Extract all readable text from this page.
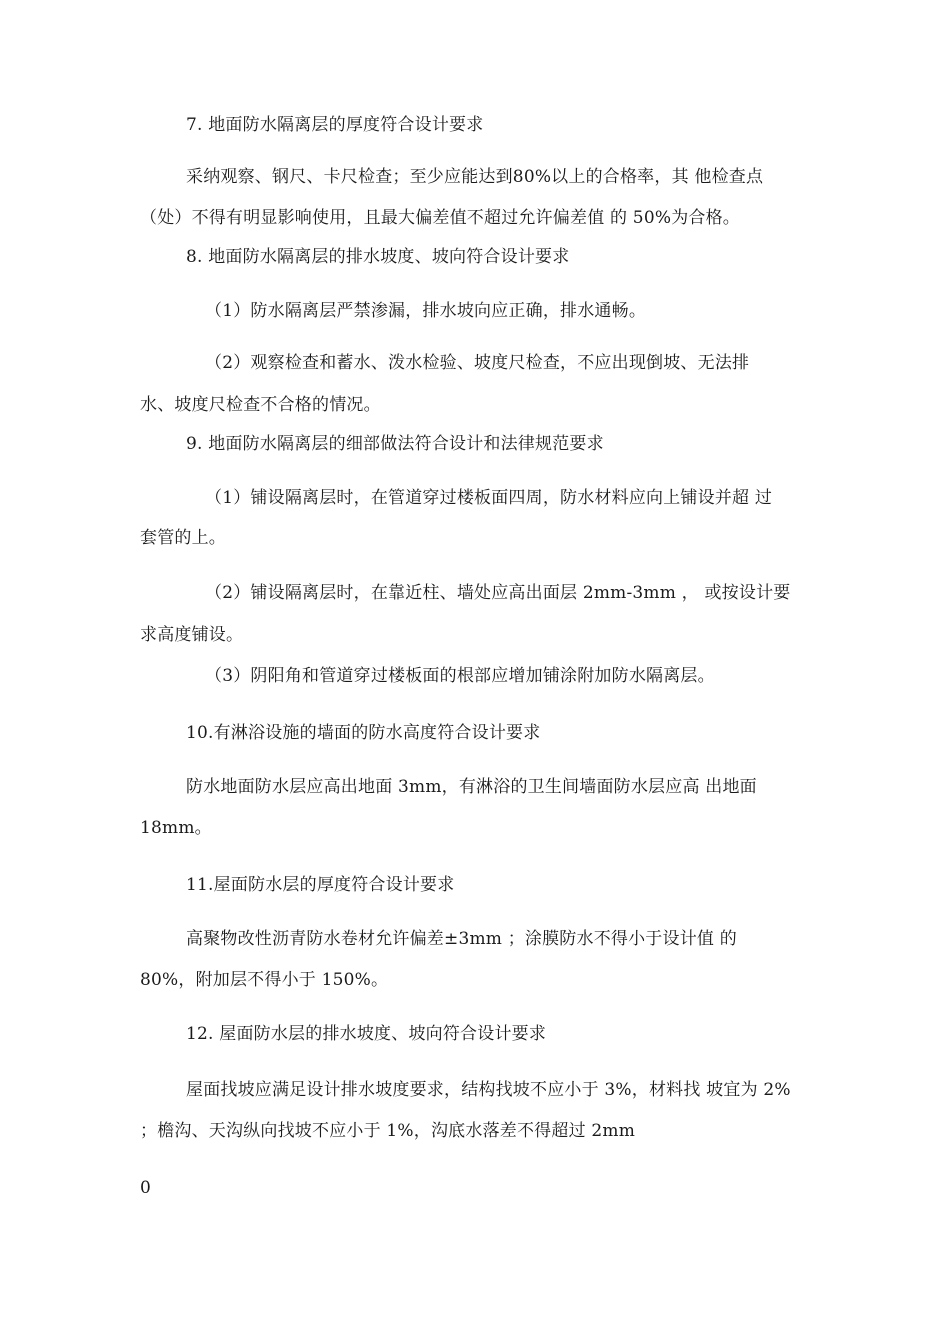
7. 地面防水隔离层的厚度符合设计要求
采纳观察、钢尺、卡尺检查；至少应能达到80%以上的合格率，其 他检查点
（处）不得有明显影响使用，且最大偏差值不超过允许偏差值 的 50%为合格。
8. 地面防水隔离层的排水坡度、坡向符合设计要求
（1）防水隔离层严禁渗漏，排水坡向应正确，排水通畅。
（2）观察检查和蓄水、泼水检验、坡度尺检查，不应出现倒坡、无法排
水、坡度尺检查不合格的情况。
9. 地面防水隔离层的细部做法符合设计和法律规范要求
（1）铺设隔离层时，在管道穿过楼板面四周，防水材料应向上铺设并超 过
套管的上。
（2）铺设隔离层时，在靠近柱、墙处应高出面层 2mm-3mm ， 或按设计要
求高度铺设。
（3）阴阳角和管道穿过楼板面的根部应增加铺涂附加防水隔离层。
10.有淋浴设施的墙面的防水高度符合设计要求
防水地面防水层应高出地面 3mm，有淋浴的卫生间墙面防水层应高 出地面
18mm。
11.屋面防水层的厚度符合设计要求
高聚物改性沥青防水卷材允许偏差±3mm ；涂膜防水不得小于设计值 的
80%，附加层不得小于 150%。
12. 屋面防水层的排水坡度、坡向符合设计要求
屋面找坡应满足设计排水坡度要求，结构找坡不应小于 3%，材料找 坡宜为 2%
；檐沟、天沟纵向找坡不应小于 1%，沟底水落差不得超过 2mm
0
